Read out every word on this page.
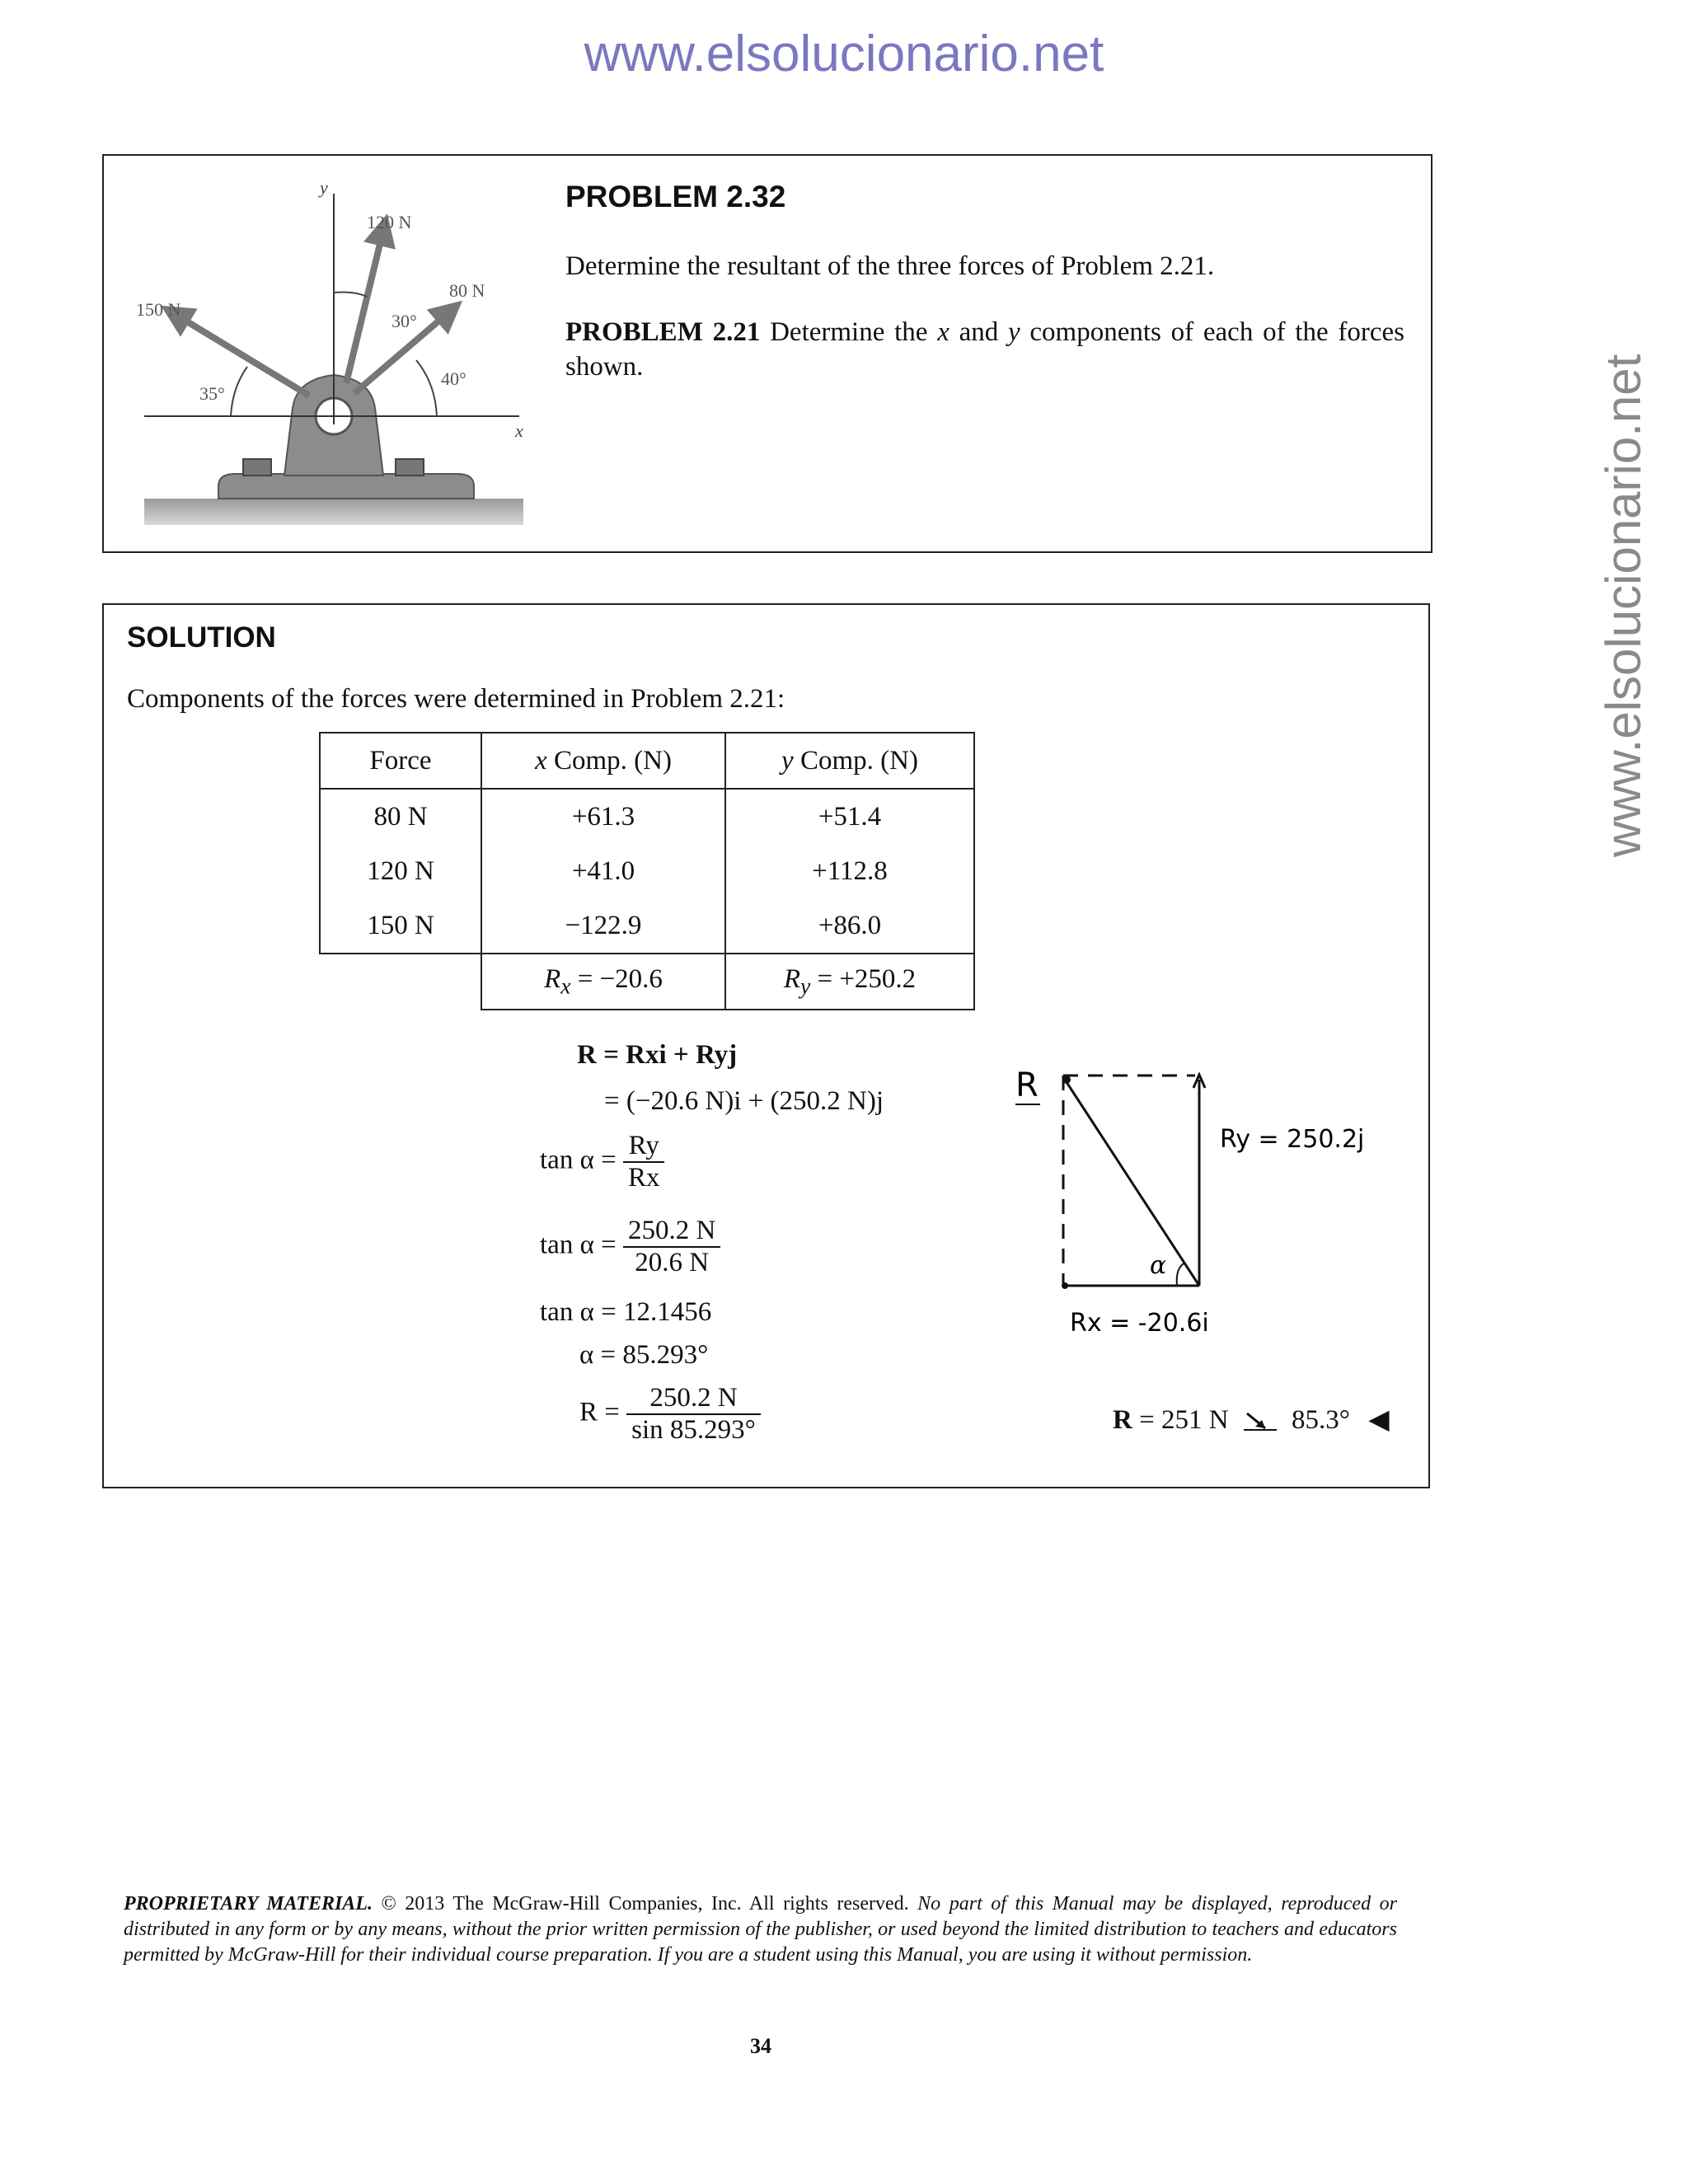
www.elsolucionario.net
www.elsolucionario.net
y
x
120 N
80 N
150 N
30°
40°
35°
PROBLEM 2.32
Determine the resultant of the three forces of Problem 2.21.
PROBLEM 2.21 Determine the x and y components of each of the forces shown.
SOLUTION
Components of the forces were determined in Problem 2.21:
Force	x Comp. (N)	y Comp. (N)
80 N	+61.3	+51.4
120 N	+41.0	+112.8
150 N	−122.9	+86.0
	$R_x = -20.6$	$R_y = +250.2$
R = Rxi + Ryj
= (−20.6 N)i + (250.2 N)j
$\tan \alpha = \frac{Ry}{Rx}$
$\tan \alpha = \frac{250.2 N}{20.6 N}$
tan α = 12.1456
α = 85.293°
$R = \frac{250.2 N}{\sin 85.293^\circ}$
R
Ry = 250.2j
α
Rx = -20.6i
R = 251 N 85.3° ◀
PROPRIETARY MATERIAL. © 2013 The McGraw-Hill Companies, Inc. All rights reserved. No part of this Manual may be displayed, reproduced or distributed in any form or by any means, without the prior written permission of the publisher, or used beyond the limited distribution to teachers and educators permitted by McGraw-Hill for their individual course preparation. If you are a student using this Manual, you are using it without permission.
34
